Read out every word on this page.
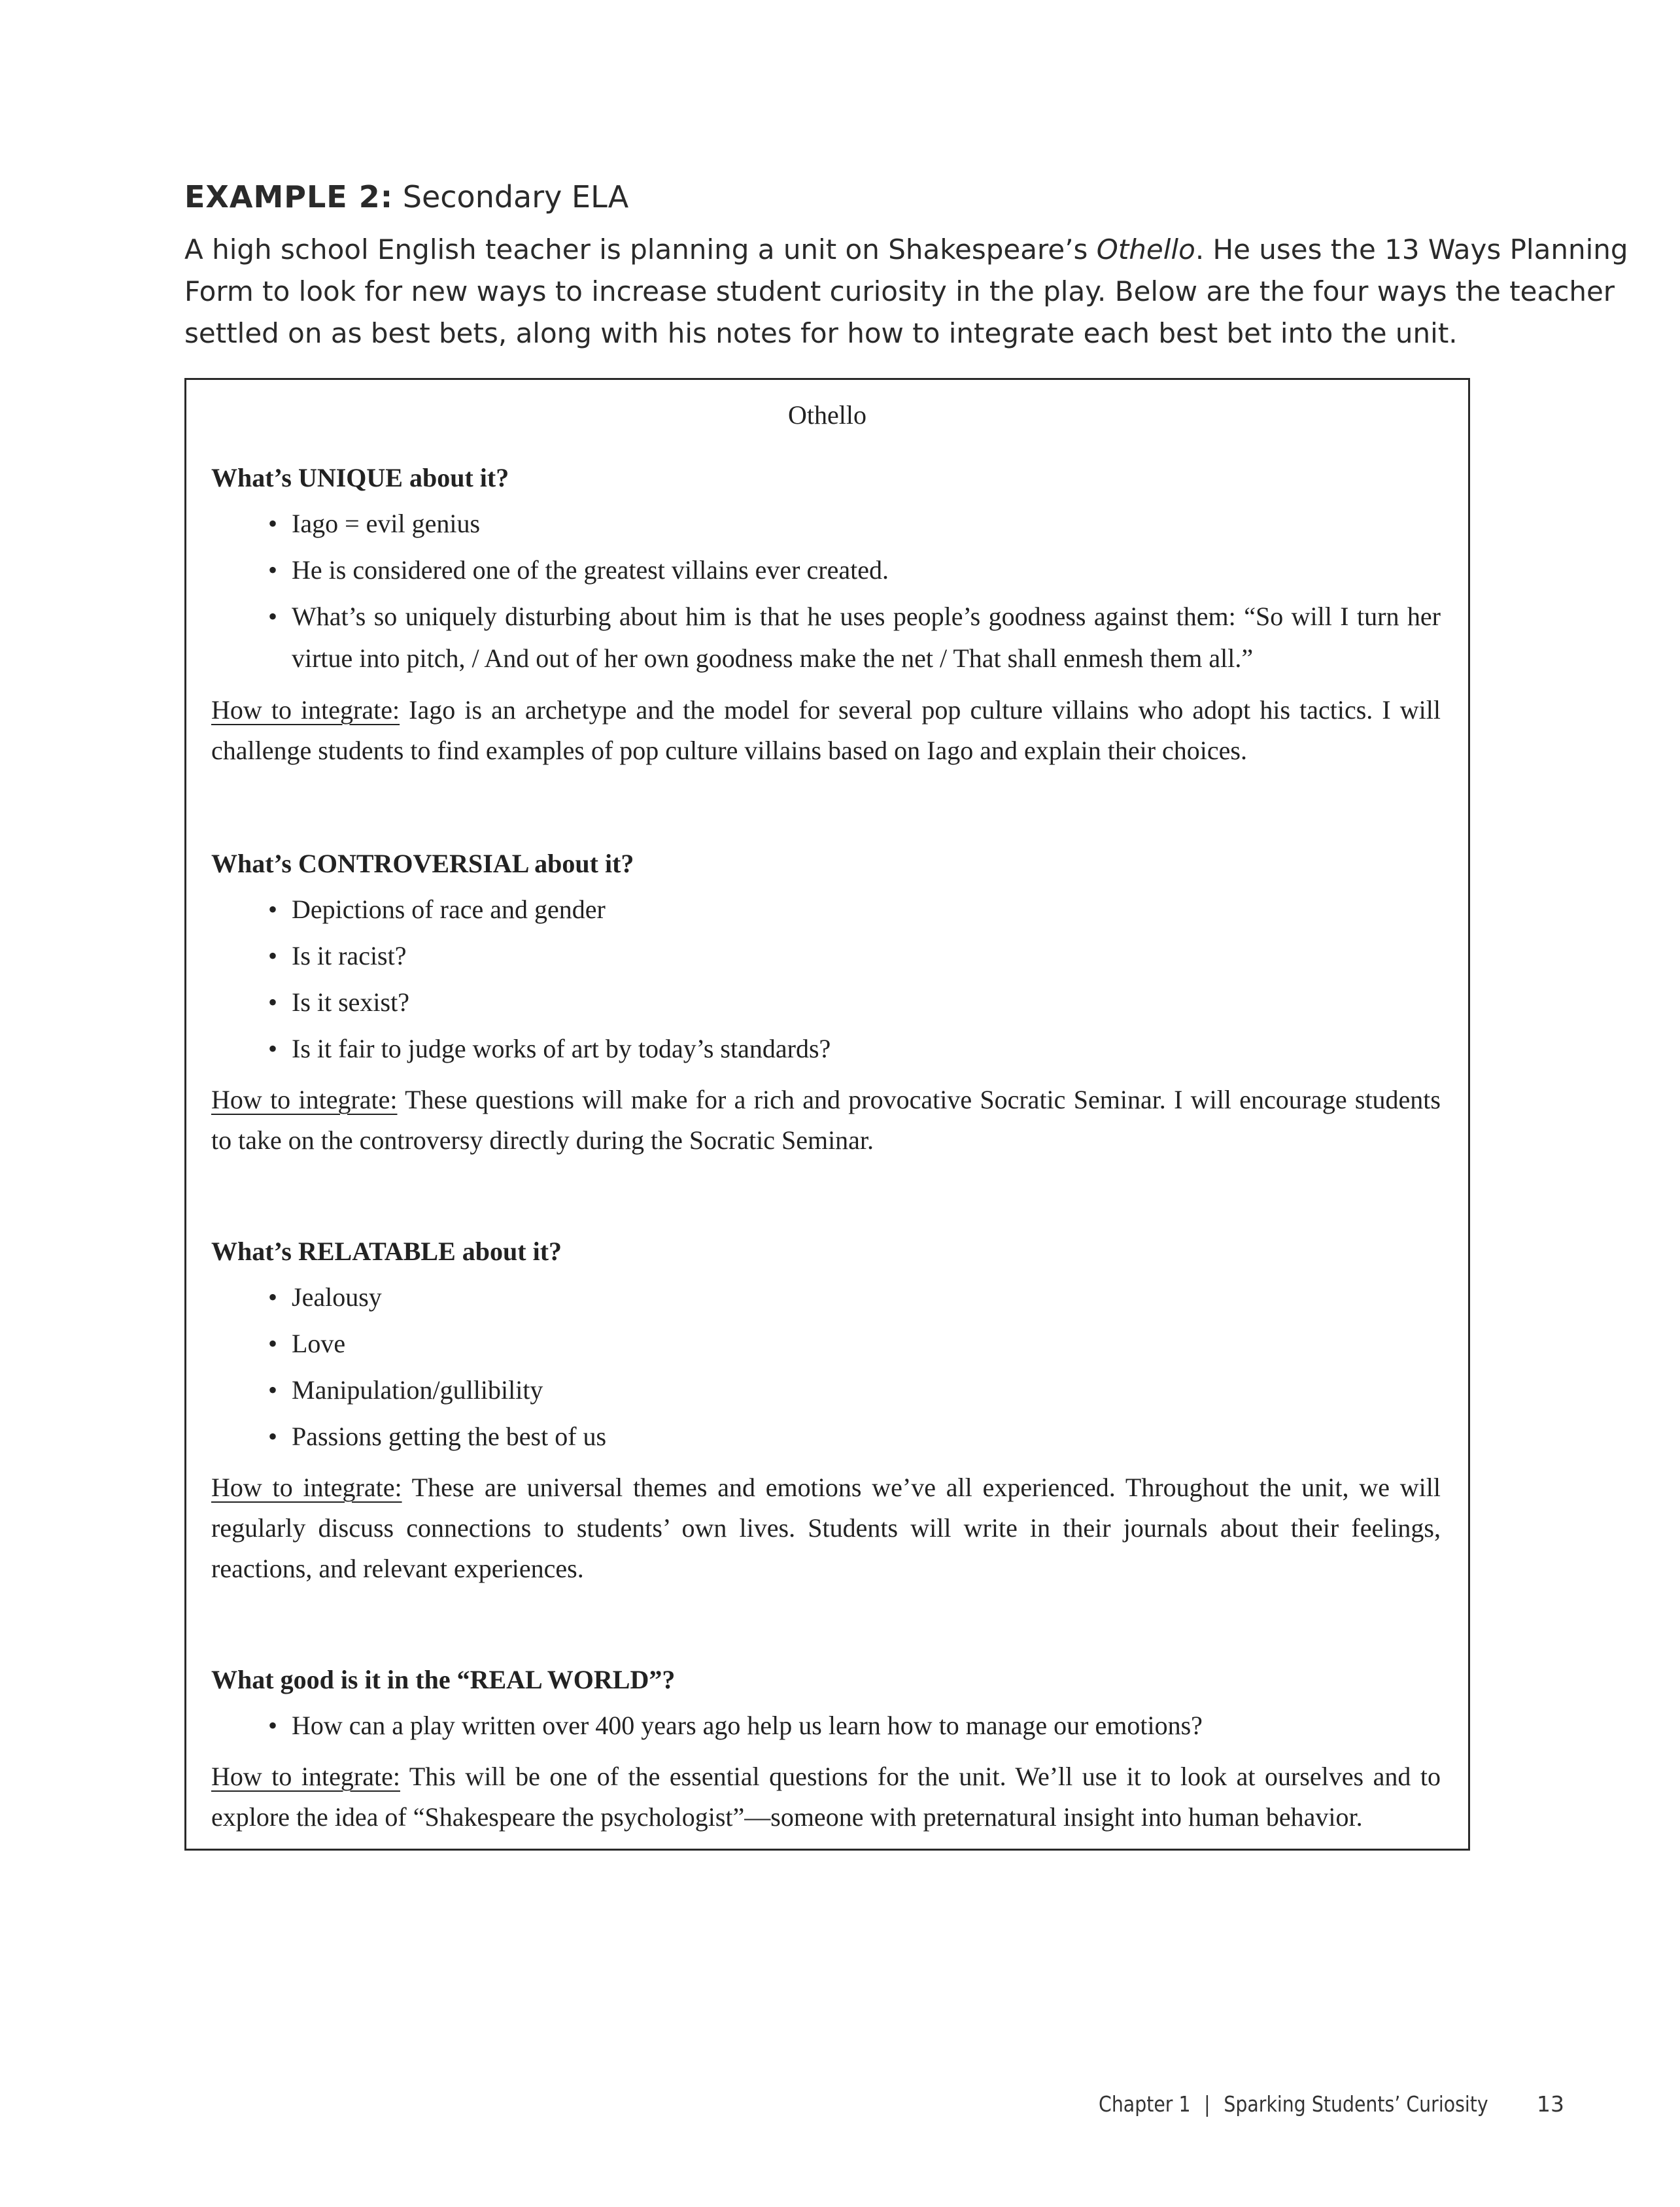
EXAMPLE 2: Secondary ELA

A high school English teacher is planning a unit on Shakespeare’s Othello. He uses the 13 Ways Planning

Form to look for new ways to increase student curiosity in the play. Below are the four ways the teacher

settled on as best bets, along with his notes for how to integrate each best bet into the unit.

Othello
What’s UNIQUE about it?
• Iago = evil genius
• He is considered one of the greatest villains ever created.
• What’s so uniquely disturbing about him is that he uses people’s goodness against them: “So will I turn her virtue into pitch, / And out of her own goodness make the net / That shall enmesh them all.”

How to integrate: Iago is an archetype and the model for several pop culture villains who adopt his tactics. I will challenge students to find examples of pop culture villains based on Iago and explain their choices.

What’s CONTROVERSIAL about it?
• Depictions of race and gender
• Is it racist?
• Is it sexist?
• Is it fair to judge works of art by today’s standards?

How to integrate: These questions will make for a rich and provocative Socratic Seminar. I will encourage students to take on the controversy directly during the Socratic Seminar.

What’s RELATABLE about it?
• Jealousy
• Love
• Manipulation/gullibility
• Passions getting the best of us

How to integrate: These are universal themes and emotions we’ve all experienced. Throughout the unit, we will regularly discuss connections to students’ own lives. Students will write in their journals about their feelings, reactions, and relevant experiences.

What good is it in the “REAL WORLD”?
• How can a play written over 400 years ago help us learn how to manage our emotions?

How to integrate: This will be one of the essential questions for the unit. We’ll use it to look at ourselves and to explore the idea of “Shakespeare the psychologist”—someone with preternatural insight into human behavior.

Chapter 1 | Sparking Students’ Curiosity 13
